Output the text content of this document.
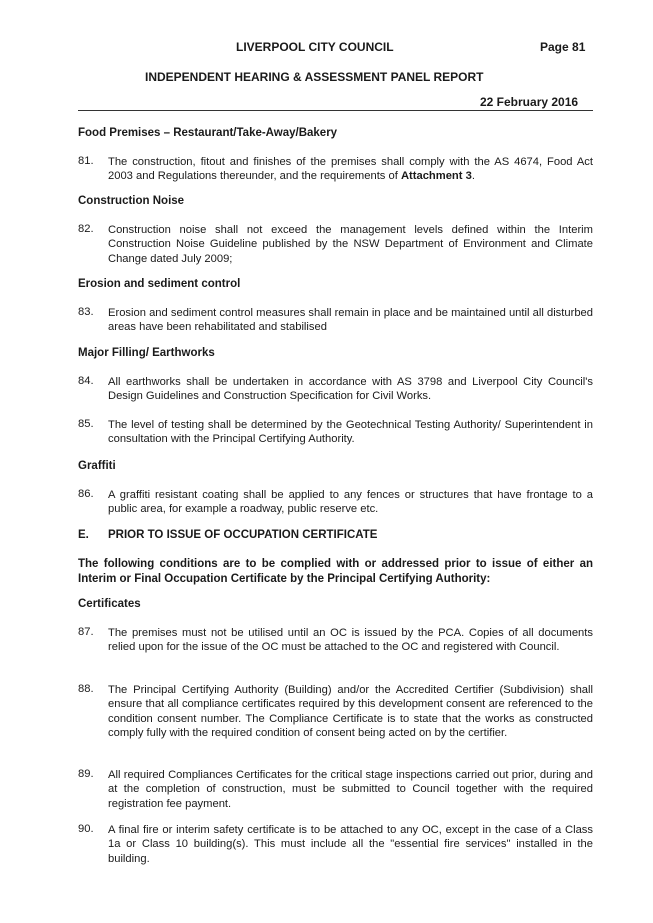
LIVERPOOL CITY COUNCIL	Page 81
INDEPENDENT HEARING & ASSESSMENT PANEL REPORT
22 February 2016
Food Premises – Restaurant/Take-Away/Bakery
81. The construction, fitout and finishes of the premises shall comply with the AS 4674, Food Act 2003 and Regulations thereunder, and the requirements of Attachment 3.
Construction Noise
82. Construction noise shall not exceed the management levels defined within the Interim Construction Noise Guideline published by the NSW Department of Environment and Climate Change dated July 2009;
Erosion and sediment control
83. Erosion and sediment control measures shall remain in place and be maintained until all disturbed areas have been rehabilitated and stabilised
Major Filling/ Earthworks
84. All earthworks shall be undertaken in accordance with AS 3798 and Liverpool City Council's Design Guidelines and Construction Specification for Civil Works.
85. The level of testing shall be determined by the Geotechnical Testing Authority/ Superintendent in consultation with the Principal Certifying Authority.
Graffiti
86. A graffiti resistant coating shall be applied to any fences or structures that have frontage to a public area, for example a roadway, public reserve etc.
E. PRIOR TO ISSUE OF OCCUPATION CERTIFICATE
The following conditions are to be complied with or addressed prior to issue of either an Interim or Final Occupation Certificate by the Principal Certifying Authority:
Certificates
87. The premises must not be utilised until an OC is issued by the PCA. Copies of all documents relied upon for the issue of the OC must be attached to the OC and registered with Council.
88. The Principal Certifying Authority (Building) and/or the Accredited Certifier (Subdivision) shall ensure that all compliance certificates required by this development consent are referenced to the condition consent number. The Compliance Certificate is to state that the works as constructed comply fully with the required condition of consent being acted on by the certifier.
89. All required Compliances Certificates for the critical stage inspections carried out prior, during and at the completion of construction, must be submitted to Council together with the required registration fee payment.
90. A final fire or interim safety certificate is to be attached to any OC, except in the case of a Class 1a or Class 10 building(s). This must include all the "essential fire services" installed in the building.
